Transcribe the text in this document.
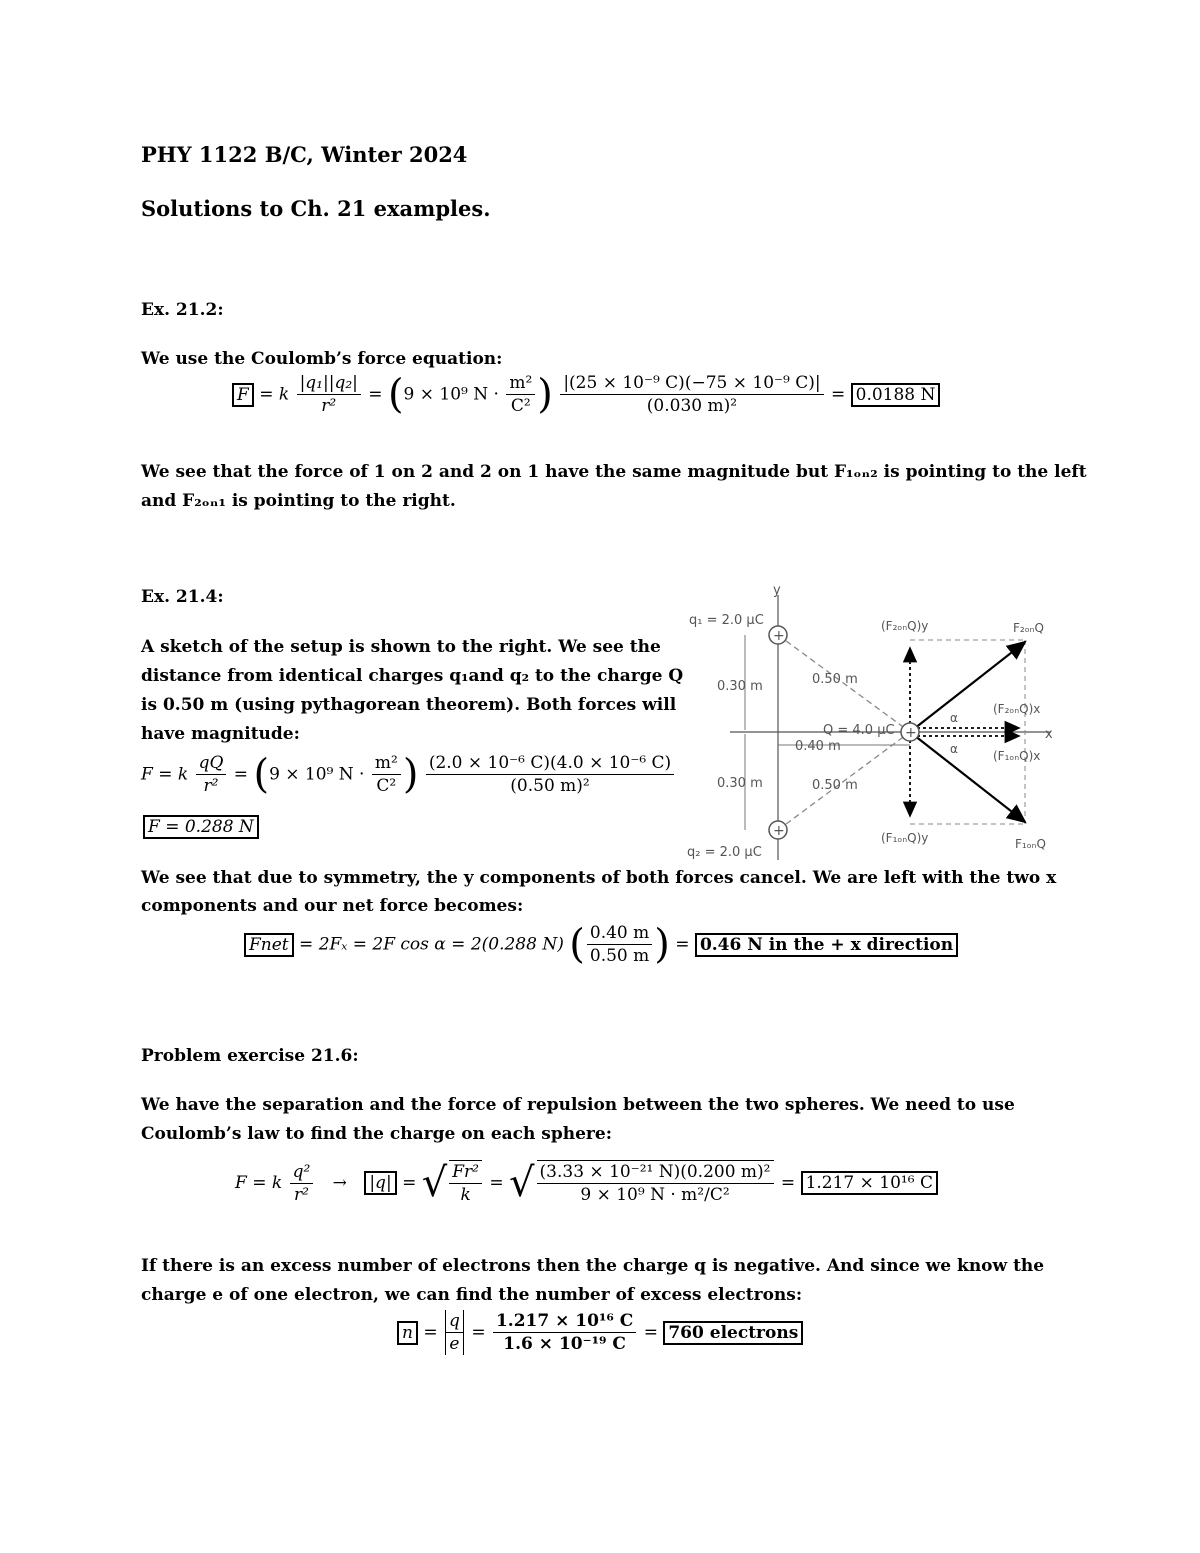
PHY 1122 B/C, Winter 2024
Solutions to Ch. 21 examples.
Ex. 21.2:
We use the Coulomb’s force equation:
F = k $\frac{\text{|q₁||q₂|}}{\text{r²}} = (9 \times 10^9$ $N \cdot \frac{\text{m²}}{\text{C²}}$ ) $\frac{\text{|(25 × 10⁻⁹ C)(−75 × 10⁻⁹ C)|}}{\text{(0.030 m)²}} = 0.0188$ N
We see that the force of 1 on 2 and 2 on 1 have the same magnitude but F₁ₒₙ₂ is pointing to the left
and F₂ₒₙ₁ is pointing to the right.
Ex. 21.4:
A sketch of the setup is shown to the right. We see the
distance from identical charges q₁and q₂ to the charge Q
is 0.50 m (using pythagorean theorem). Both forces will
have magnitude:
F = k $\frac{qQ}{\text{r²}} = (9 \times 10^9$ $N \cdot \frac{\text{m²}}{\text{C²}}$ ) $\frac{\text{(2.0 × 10⁻⁶ C)(4.0 × 10⁻⁶ C)}}{\text{(0.50 m)²}}$
F = 0.288 N
y
x
+
+
+
q₁ = 2.0 μC
q₂ = 2.0 μC
Q = 4.0 μC
0.30 m
0.30 m
0.50 m
0.50 m
0.40 m
(F₂ₒₙQ)y	F₂ₒₙQ
(F₂ₒₙQ)x
(F₁ₒₙQ)x
(F₁ₒₙQ)y	F₁ₒₙQ
α
α
We see that due to symmetry, the y components of both forces cancel. We are left with the two x
components and our net force becomes:
Fnet = 2Fₓ = 2F cos α = 2(0.288 N) ( $\frac{0.40 m}{0.50 m}$ ) = 0.46 N in the + x direction
Problem exercise 21.6:
We have the separation and the force of repulsion between the two spheres. We need to use
Coulomb’s law to find the charge on each sphere:
F = k $\frac{\text{q²}}{\text{r²}} \to |q|$ = √ $\frac{\text{Fr²}}{k}$ = √ $\frac{\text{(3.33 × 10⁻²¹ N)(0.200 m)²}}{\text{9 × 10⁹ N · m²/C²}} = 1.217 \times 10^{16}$ C
If there is an excess number of electrons then the charge q is negative. And since we know the
charge e of one electron, we can find the number of excess electrons:
$n = \frac{q}{e} = \frac{\text{1.217 × 10¹⁶ C}}{\text{1.6 × 10⁻¹⁹ C}} = 760$ electrons
